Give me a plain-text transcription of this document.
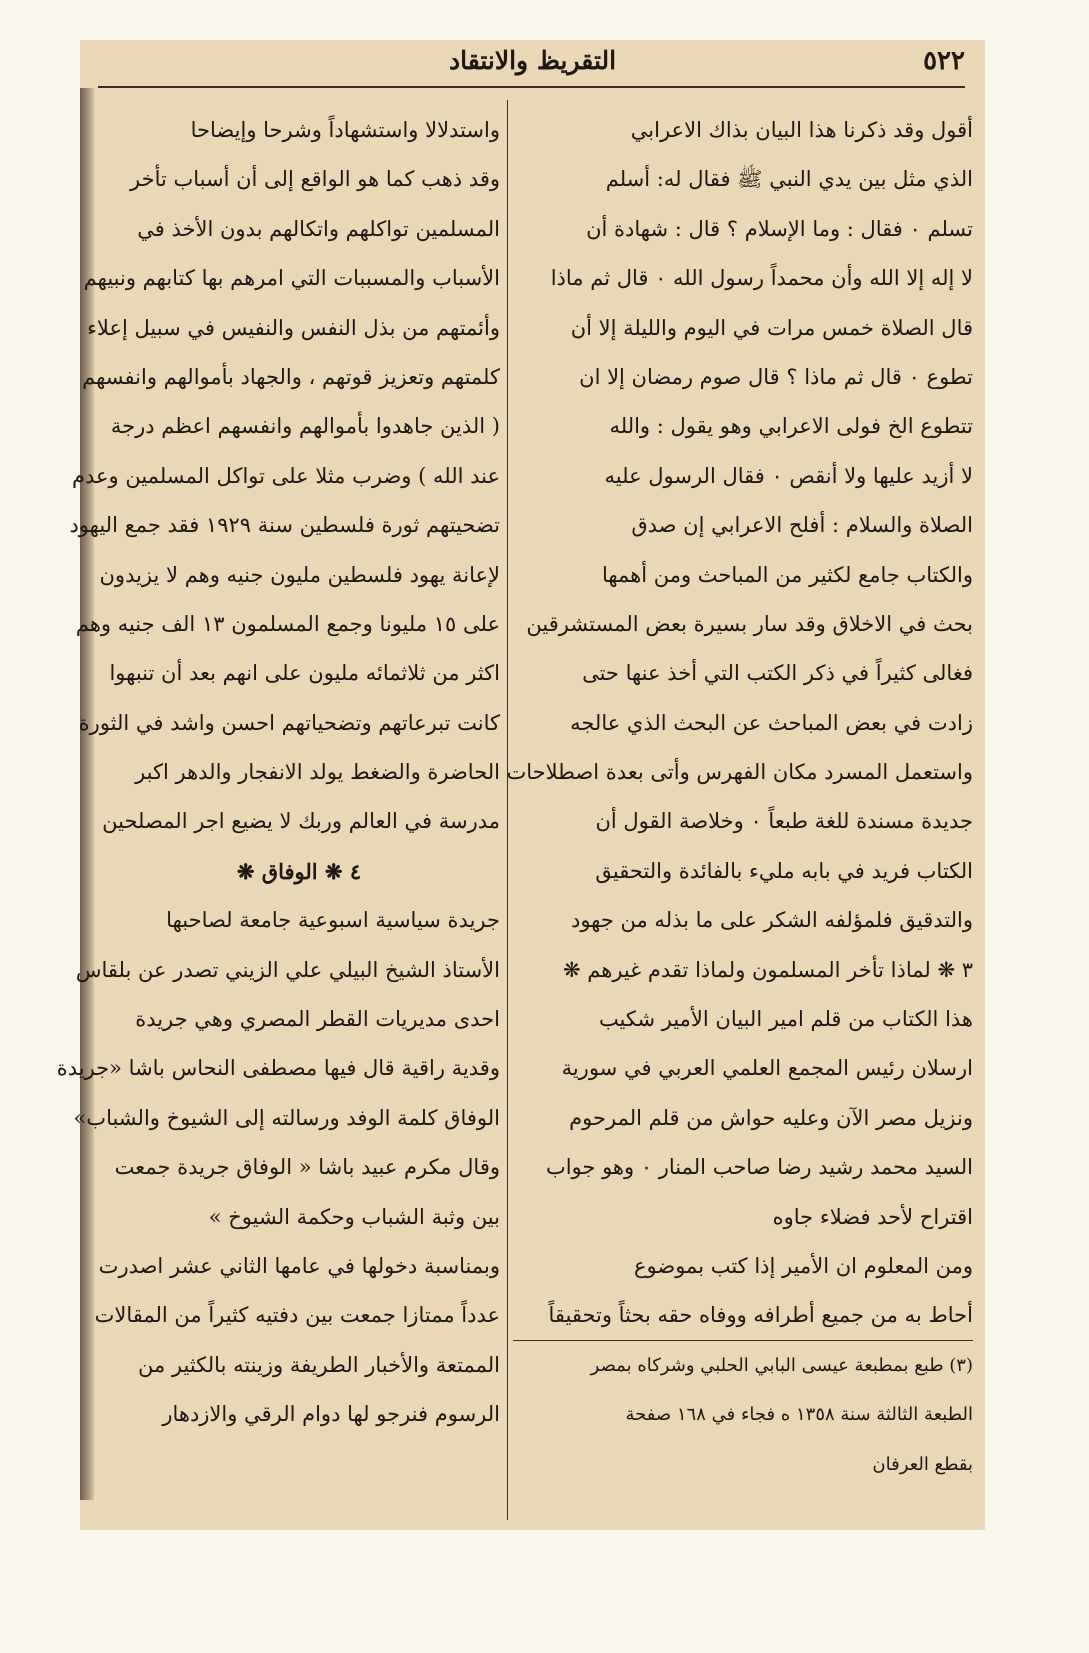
التقريظ والانتقاد	٥٢٢
أقول وقد ذكرنا هذا البيان بذاك الاعرابي
الذي مثل بين يدي النبي ﷺ فقال له: أسلم
تسلم ٠ فقال : وما الإسلام ؟ قال : شهادة أن
لا إله إلا الله وأن محمداً رسول الله ٠ قال ثم ماذا
قال الصلاة خمس مرات في اليوم والليلة إلا أن
تطوع ٠ قال ثم ماذا ؟ قال صوم رمضان إلا ان
تتطوع الخ فولى الاعرابي وهو يقول : والله
لا أزيد عليها ولا أنقص ٠ فقال الرسول عليه
الصلاة والسلام : أفلح الاعرابي إن صدق
والكتاب جامع لكثير من المباحث ومن أهمها
بحث في الاخلاق وقد سار بسيرة بعض المستشرقين
فغالى كثيراً في ذكر الكتب التي أخذ عنها حتى
زادت في بعض المباحث عن البحث الذي عالجه
واستعمل المسرد مكان الفهرس وأتى بعدة اصطلاحات
جديدة مسندة للغة طبعاً ٠ وخلاصة القول أن
الكتاب فريد في بابه مليء بالفائدة والتحقيق
والتدقيق فلمؤلفه الشكر على ما بذله من جهود
٣ ❋ لماذا تأخر المسلمون ولماذا تقدم غيرهم ❋
هذا الكتاب من قلم امير البيان الأمير شكيب
ارسلان رئيس المجمع العلمي العربي في سورية
ونزيل مصر الآن وعليه حواش من قلم المرحوم
السيد محمد رشيد رضا صاحب المنار ٠ وهو جواب
اقتراح لأحد فضلاء جاوه
ومن المعلوم ان الأمير إذا كتب بموضوع
أحاط به من جميع أطرافه ووفاه حقه بحثاً وتحقيقاً
واستدلالا واستشهاداً وشرحا وإيضاحا
وقد ذهب كما هو الواقع إلى أن أسباب تأخر
المسلمين تواكلهم واتكالهم بدون الأخذ في
الأسباب والمسببات التي امرهم بها كتابهم ونبيهم
وأئمتهم من بذل النفس والنفيس في سبيل إعلاء
كلمتهم وتعزيز قوتهم ، والجهاد بأموالهم وانفسهم
( الذين جاهدوا بأموالهم وانفسهم اعظم درجة
عند الله ) وضرب مثلا على تواكل المسلمين وعدم
تضحيتهم ثورة فلسطين سنة ١٩٢٩ فقد جمع اليهود
لإعانة يهود فلسطين مليون جنيه وهم لا يزيدون
على ١٥ مليونا وجمع المسلمون ١٣ الف جنيه وهم
اكثر من ثلاثمائه مليون على انهم بعد أن تنبهوا
كانت تبرعاتهم وتضحياتهم احسن واشد في الثورة
الحاضرة والضغط يولد الانفجار والدهر اكبر
مدرسة في العالم وربك لا يضيع اجر المصلحين
٤ ❋ الوفاق ❋
جريدة سياسية اسبوعية جامعة لصاحبها
الأستاذ الشيخ البيلي علي الزيني تصدر عن بلقاس
احدى مديريات القطر المصري وهي جريدة
وقدية راقية قال فيها مصطفى النحاس باشا «جريدة
الوفاق كلمة الوفد ورسالته إلى الشيوخ والشباب»
وقال مكرم عبيد باشا « الوفاق جريدة جمعت
بين وثبة الشباب وحكمة الشيوخ »
وبمناسبة دخولها في عامها الثاني عشر اصدرت
عدداً ممتازا جمعت بين دفتيه كثيراً من المقالات
الممتعة والأخبار الطريفة وزينته بالكثير من
الرسوم فنرجو لها دوام الرقي والازدهار
(٣) طبع بمطبعة عيسى البابي الحلبي وشركاه بمصر
الطبعة الثالثة سنة ١٣٥٨ ه فجاء في ١٦٨ صفحة
بقطع العرفان
